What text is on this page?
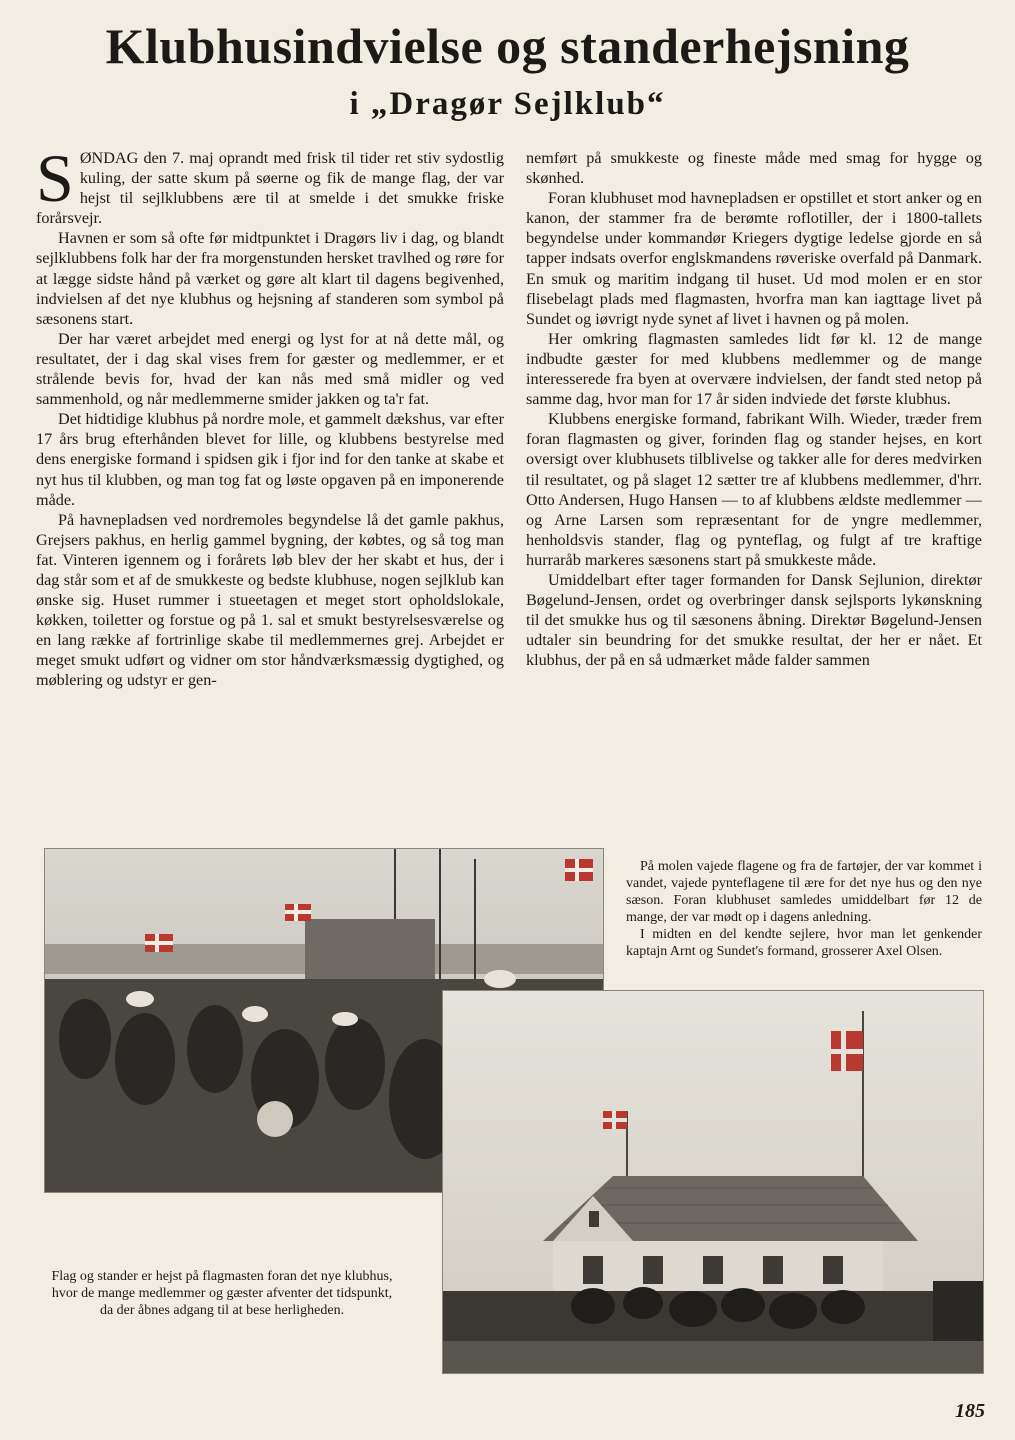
Klubhusindvielse og standerhejsning
i „Dragør Sejlklub“

SØNDAG den 7. maj oprandt med frisk til tider ret stiv sydostlig kuling, der satte skum på søerne og fik de mange flag, der var hejst til sejlklubbens ære til at smelde i det smukke friske forårsvejr.

Havnen er som så ofte før midtpunktet i Dragørs liv i dag, og blandt sejlklubbens folk har der fra morgenstunden hersket travlhed og røre for at lægge sidste hånd på værket og gøre alt klart til dagens begivenhed, indvielsen af det nye klubhus og hejsning af standeren som symbol på sæsonens start.

Der har været arbejdet med energi og lyst for at nå dette mål, og resultatet, der i dag skal vises frem for gæster og medlemmer, er et strålende bevis for, hvad der kan nås med små midler og ved sammenhold, og når medlemmerne smider jakken og ta'r fat.

Det hidtidige klubhus på nordre mole, et gammelt dækshus, var efter 17 års brug efterhånden blevet for lille, og klubbens bestyrelse med dens energiske formand i spidsen gik i fjor ind for den tanke at skabe et nyt hus til klubben, og man tog fat og løste opgaven på en imponerende måde.

På havnepladsen ved nordremoles begyndelse lå det gamle pakhus, Grejsers pakhus, en herlig gammel bygning, der købtes, og så tog man fat. Vinteren igennem og i forårets løb blev der her skabt et hus, der i dag står som et af de smukkeste og bedste klubhuse, nogen sejlklub kan ønske sig. Huset rummer i stueetagen et meget stort opholdslokale, køkken, toiletter og forstue og på 1. sal et smukt bestyrelsesværelse og en lang række af fortrinlige skabe til medlemmernes grej. Arbejdet er meget smukt udført og vidner om stor håndværksmæssig dygtighed, og møblering og udstyr er gen-

nemført på smukkeste og fineste måde med smag for hygge og skønhed.

Foran klubhuset mod havnepladsen er opstillet et stort anker og en kanon, der stammer fra de berømte roflotiller, der i 1800-tallets begyndelse under kommandør Kriegers dygtige ledelse gjorde en så tapper indsats overfor englskmandens røveriske overfald på Danmark. En smuk og maritim indgang til huset. Ud mod molen er en stor flisebelagt plads med flagmasten, hvorfra man kan iagttage livet på Sundet og iøvrigt nyde synet af livet i havnen og på molen.

Her omkring flagmasten samledes lidt før kl. 12 de mange indbudte gæster for med klubbens medlemmer og de mange interesserede fra byen at overvære indvielsen, der fandt sted netop på samme dag, hvor man for 17 år siden indviede det første klubhus.

Klubbens energiske formand, fabrikant Wilh. Wieder, træder frem foran flagmasten og giver, forinden flag og stander hejses, en kort oversigt over klubhusets tilblivelse og takker alle for deres medvirken til resultatet, og på slaget 12 sætter tre af klubbens medlemmer, d'hrr. Otto Andersen, Hugo Hansen — to af klubbens ældste medlemmer — og Arne Larsen som repræsentant for de yngre medlemmer, henholdsvis stander, flag og pynteflag, og fulgt af tre kraftige hurraråb markeres sæsonens start på smukkeste måde.

Umiddelbart efter tager formanden for Dansk Sejlunion, direktør Bøgelund-Jensen, ordet og overbringer dansk sejlsports lykønskning til det smukke hus og til sæsonens åbning. Direktør Bøgelund-Jensen udtaler sin beundring for det smukke resultat, der her er nået. Et klubhus, der på en så udmærket måde falder sammen

På molen vajede flagene og fra de fartøjer, der var kommet i vandet, vajede pynteflagene til ære for det nye hus og den nye sæson. Foran klubhuset samledes umiddelbart før 12 de mange, der var mødt op i dagens anledning.

I midten en del kendte sejlere, hvor man let genkender kaptajn Arnt og Sundet's formand, grosserer Axel Olsen.

Flag og stander er hejst på flagmasten foran det nye klubhus, hvor de mange medlemmer og gæster afventer det tidspunkt, da der åbnes adgang til at bese herligheden.

185
